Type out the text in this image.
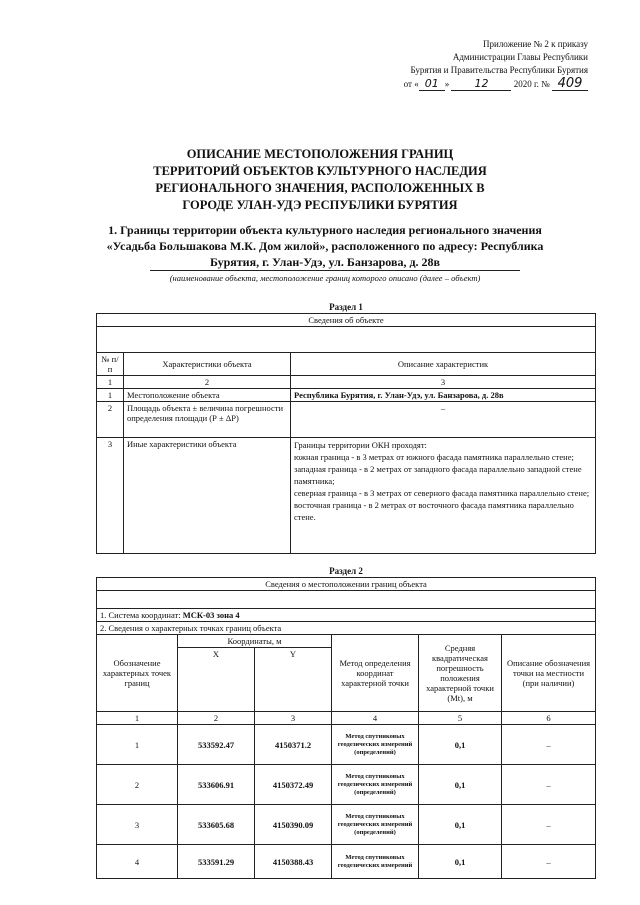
Приложение № 2 к приказу
Администрации Главы Республики
Бурятия и Правительства Республики Бурятия
от « 01 » 12	2020 г. № 409
ОПИСАНИЕ МЕСТОПОЛОЖЕНИЯ ГРАНИЦ
ТЕРРИТОРИЙ ОБЪЕКТОВ КУЛЬТУРНОГО НАСЛЕДИЯ
РЕГИОНАЛЬНОГО ЗНАЧЕНИЯ, РАСПОЛОЖЕННЫХ В
ГОРОДЕ УЛАН-УДЭ РЕСПУБЛИКИ БУРЯТИЯ
1. Границы территории объекта культурного наследия регионального значения
«Усадьба Большакова М.К. Дом жилой», расположенного по адресу: Республика
Бурятия, г. Улан-Удэ, ул. Банзарова, д. 28в
(наименование объекта, местоположение границ которого описано (далее – объект)
Раздел 1
Сведения об объекте		

№ п/п	Характеристики объекта	Описание характеристик
1	2	3
1	Местоположение объекта	Республика Бурятия, г. Улан-Удэ, ул. Банзарова, д. 28в
2	Площадь объекта ± величина погрешности определения площади (Р ± ΔР)	–
3	Иные характеристики объекта	Границы территории ОКН проходят:
южная граница - в 3 метрах от южного фасада памятника параллельно стене;
западная граница - в 2 метрах от западного фасада параллельно западной стене памятника;
северная граница - в 3 метрах от северного фасада памятника параллельно стене;
восточная граница - в 2 метрах от восточного фасада памятника параллельно стене.
Раздел 2
Сведения о местоположении границ объекта					

1. Система координат: МСК-03 зона 4					
2. Сведения о характерных точках границ объекта					
Обозначение характерных точек границ	Координаты, м		Метод определения координат характерной точки	Средняя квадратическая погрешность положения характерной точки (Mt), м	Описание обозначения точки на местности (при наличии)
	X	Y			
1	2	3	4	5	6
1	533592.47	4150371.2	Метод спутниковых геодезических измерений (определений)	0,1	–
2	533606.91	4150372.49	Метод спутниковых геодезических измерений (определений)	0,1	–
3	533605.68	4150390.09	Метод спутниковых геодезических измерений (определений)	0,1	–
4	533591.29	4150388.43	Метод спутниковых геодезических измерений	0,1	–
